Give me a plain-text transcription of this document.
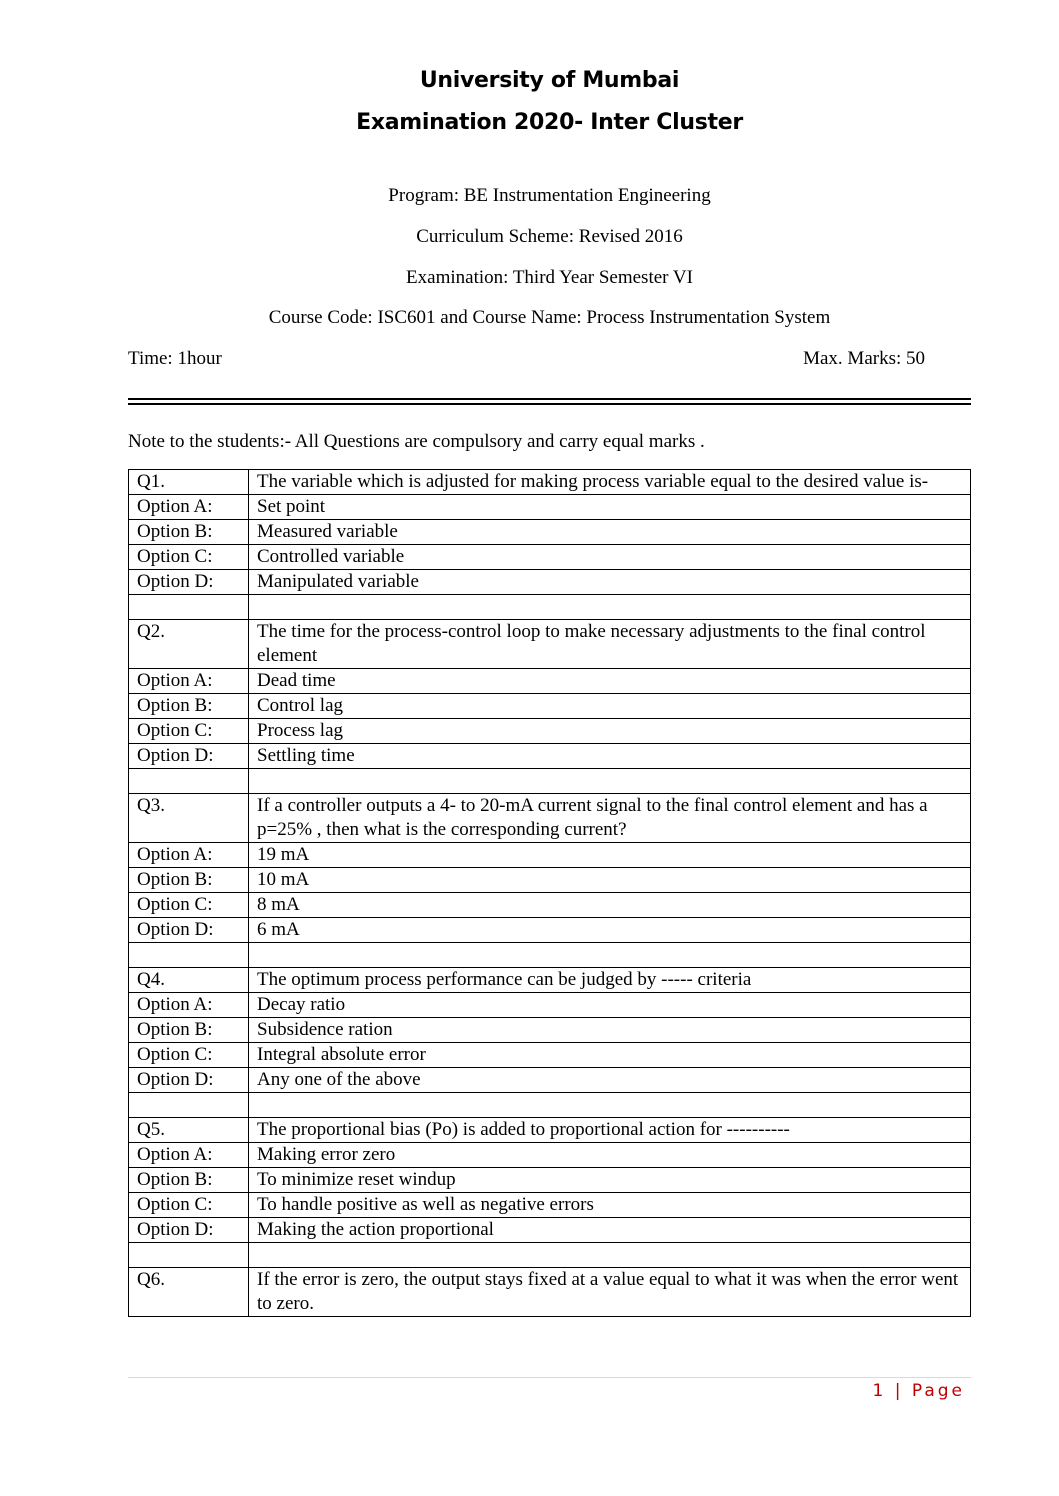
University of Mumbai
Examination 2020- Inter Cluster
Program: BE Instrumentation Engineering
Curriculum Scheme: Revised 2016
Examination: Third Year Semester VI
Course Code: ISC601 and Course Name: Process Instrumentation System
Time: 1hour	Max. Marks: 50
Note to the students:- All Questions are compulsory and carry equal marks .
Q1.	The variable which is adjusted for making process variable equal to the desired value is-
Option A:	Set point
Option B:	Measured variable
Option C:	Controlled variable
Option D:	Manipulated variable

Q2.	The time for the process-control loop to make necessary adjustments to the final control element
Option A:	Dead time
Option B:	Control lag
Option C:	Process lag
Option D:	Settling time

Q3.	If a controller outputs a 4- to 20-mA current signal to the final control element and has a p=25% , then what is the corresponding current?
Option A:	19 mA
Option B:	10 mA
Option C:	8 mA
Option D:	6 mA

Q4.	The optimum process performance can be judged by ----- criteria
Option A:	Decay ratio
Option B:	Subsidence ration
Option C:	Integral absolute error
Option D:	Any one of the above

Q5.	The proportional bias (Po) is added to proportional action for ----------
Option A:	Making error zero
Option B:	To minimize reset windup
Option C:	To handle positive as well as negative errors
Option D:	Making the action proportional

Q6.	If the error is zero, the output stays fixed at a value equal to what it was when the error went to zero.
1 | Page
